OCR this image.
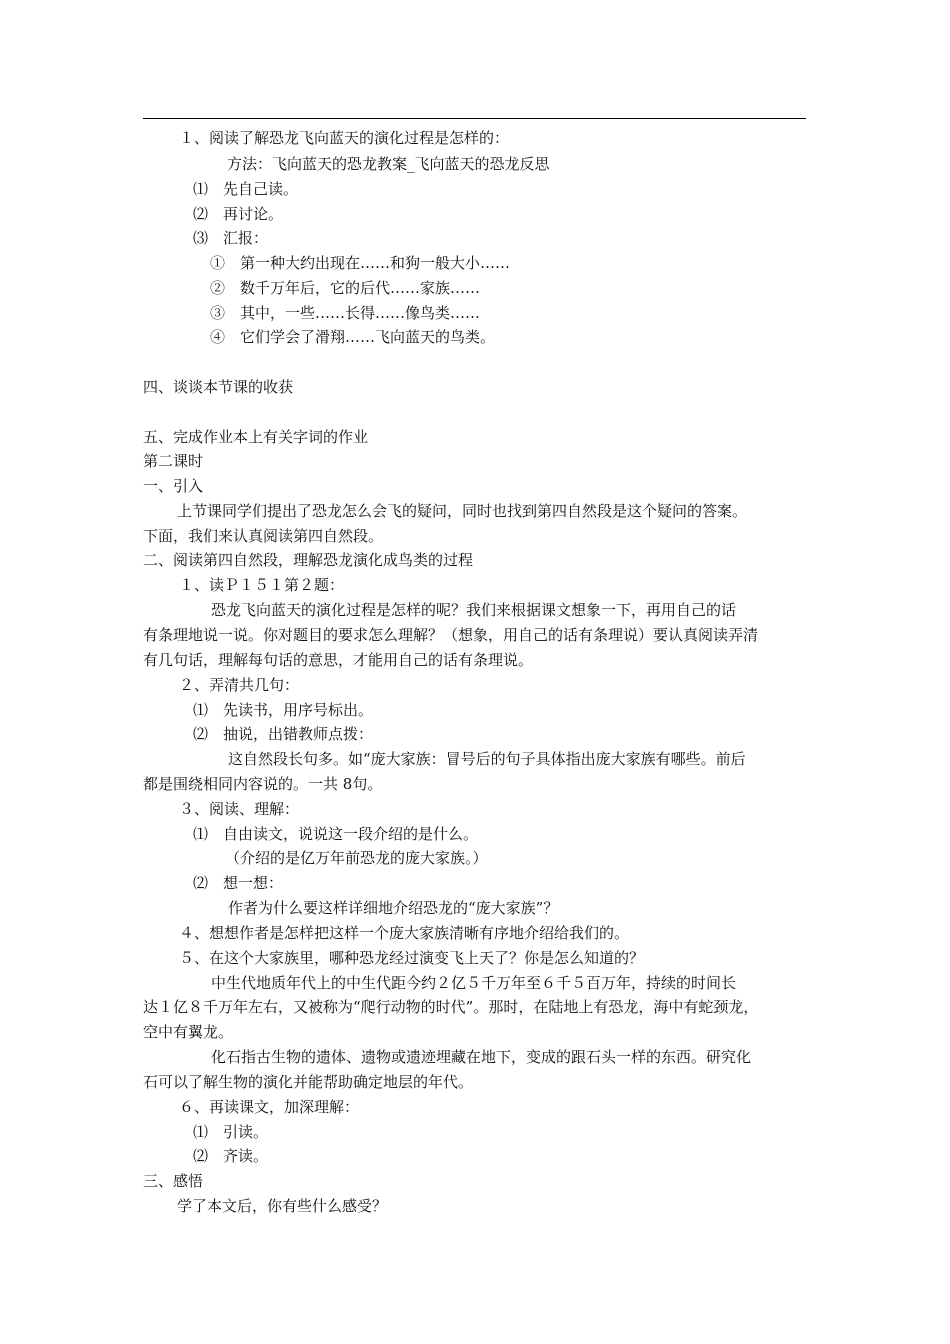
１、阅读了解恐龙飞向蓝天的演化过程是怎样的：
方法：飞向蓝天的恐龙教案_飞向蓝天的恐龙反思
⑴　先自己读。
⑵　再讨论。
⑶　汇报：
①　第一种大约出现在……和狗一般大小……
②　数千万年后，它的后代……家族……
③　其中，一些……长得……像鸟类……
④　它们学会了滑翔……飞向蓝天的鸟类。
四、谈谈本节课的收获
五、完成作业本上有关字词的作业
第二课时
一、引入
上节课同学们提出了恐龙怎么会飞的疑问，同时也找到第四自然段是这个疑问的答案。
下面，我们来认真阅读第四自然段。
二、阅读第四自然段，理解恐龙演化成鸟类的过程
１、读Ｐ１５１第２题：
恐龙飞向蓝天的演化过程是怎样的呢？我们来根据课文想象一下，再用自己的话
有条理地说一说。你对题目的要求怎么理解？（想象，用自己的话有条理说）要认真阅读弄清
有几句话，理解每句话的意思，才能用自己的话有条理说。
２、弄清共几句：
⑴　先读书，用序号标出。
⑵　抽说，出错教师点拨：
这自然段长句多。如“庞大家族：冒号后的句子具体指出庞大家族有哪些。前后
都是围绕相同内容说的。一共 8句。
３、阅读、理解：
⑴　自由读文，说说这一段介绍的是什么。
（介绍的是亿万年前恐龙的庞大家族。）
⑵　想一想：
作者为什么要这样详细地介绍恐龙的“庞大家族”？
４、想想作者是怎样把这样一个庞大家族清晰有序地介绍给我们的。
５、在这个大家族里，哪种恐龙经过演变飞上天了？你是怎么知道的？
中生代地质年代上的中生代距今约２亿５千万年至６千５百万年，持续的时间长
达１亿８千万年左右，又被称为“爬行动物的时代”。那时，在陆地上有恐龙，海中有蛇颈龙，
空中有翼龙。
化石指古生物的遗体、遗物或遗迹埋藏在地下，变成的跟石头一样的东西。研究化
石可以了解生物的演化并能帮助确定地层的年代。
６、再读课文，加深理解：
⑴　引读。
⑵　齐读。
三、感悟
学了本文后，你有些什么感受？
